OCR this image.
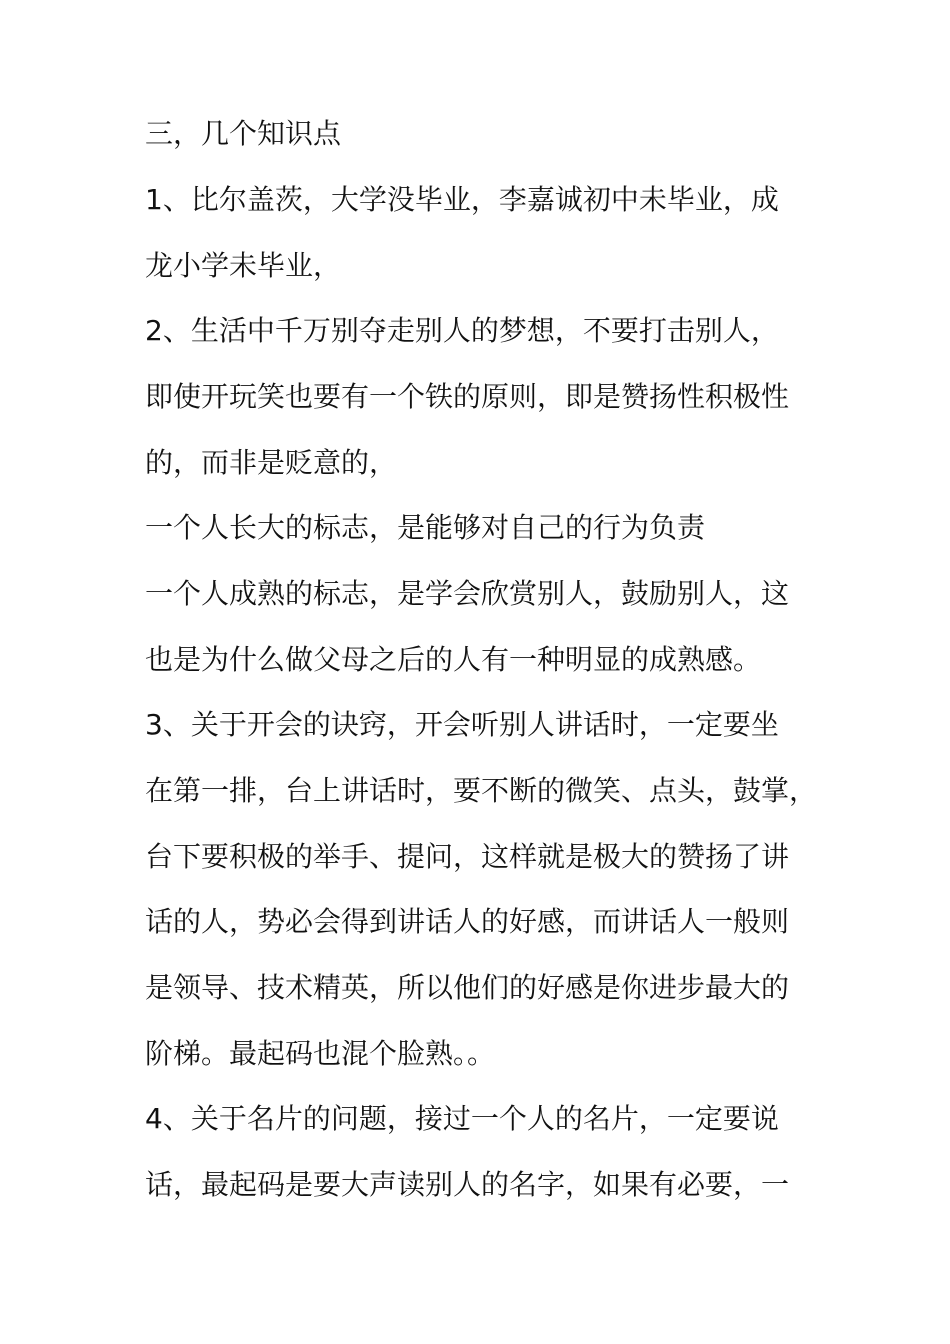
三，几个知识点
1、比尔盖茨，大学没毕业，李嘉诚初中未毕业，成
龙小学未毕业，
2、生活中千万别夺走别人的梦想，不要打击别人，
即使开玩笑也要有一个铁的原则，即是赞扬性积极性
的，而非是贬意的，
一个人长大的标志，是能够对自己的行为负责
一个人成熟的标志，是学会欣赏别人，鼓励别人，这
也是为什么做父母之后的人有一种明显的成熟感。
3、关于开会的诀窍，开会听别人讲话时，一定要坐
在第一排，台上讲话时，要不断的微笑、点头，鼓掌，
台下要积极的举手、提问，这样就是极大的赞扬了讲
话的人，势必会得到讲话人的好感，而讲话人一般则
是领导、技术精英，所以他们的好感是你进步最大的
阶梯。最起码也混个脸熟。。
4、关于名片的问题，接过一个人的名片，一定要说
话，最起码是要大声读别人的名字，如果有必要，一
